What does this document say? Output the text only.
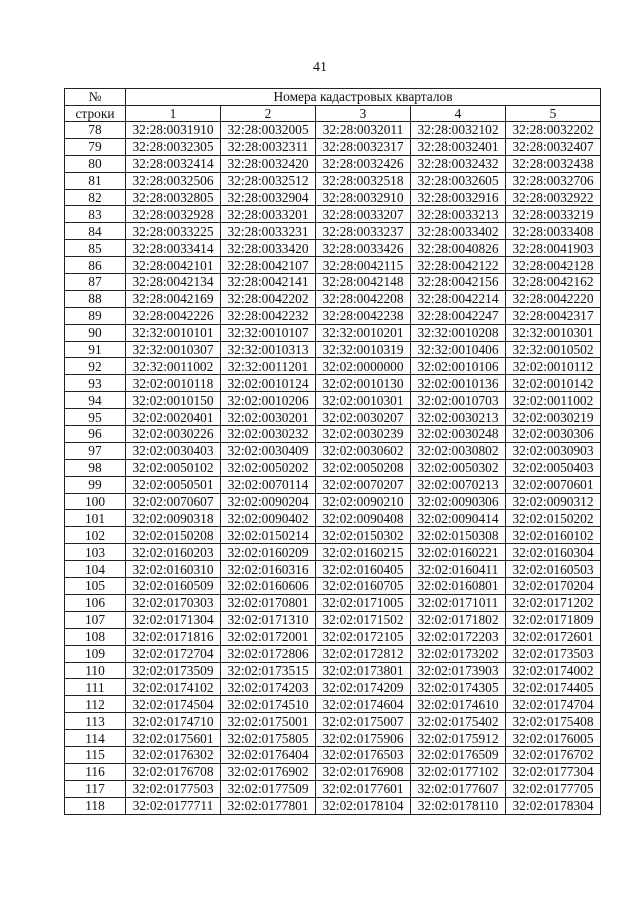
41
№	Номера кадастровых кварталов				
строки	1	2	3	4	5
78	32:28:0031910	32:28:0032005	32:28:0032011	32:28:0032102	32:28:0032202
79	32:28:0032305	32:28:0032311	32:28:0032317	32:28:0032401	32:28:0032407
80	32:28:0032414	32:28:0032420	32:28:0032426	32:28:0032432	32:28:0032438
81	32:28:0032506	32:28:0032512	32:28:0032518	32:28:0032605	32:28:0032706
82	32:28:0032805	32:28:0032904	32:28:0032910	32:28:0032916	32:28:0032922
83	32:28:0032928	32:28:0033201	32:28:0033207	32:28:0033213	32:28:0033219
84	32:28:0033225	32:28:0033231	32:28:0033237	32:28:0033402	32:28:0033408
85	32:28:0033414	32:28:0033420	32:28:0033426	32:28:0040826	32:28:0041903
86	32:28:0042101	32:28:0042107	32:28:0042115	32:28:0042122	32:28:0042128
87	32:28:0042134	32:28:0042141	32:28:0042148	32:28:0042156	32:28:0042162
88	32:28:0042169	32:28:0042202	32:28:0042208	32:28:0042214	32:28:0042220
89	32:28:0042226	32:28:0042232	32:28:0042238	32:28:0042247	32:28:0042317
90	32:32:0010101	32:32:0010107	32:32:0010201	32:32:0010208	32:32:0010301
91	32:32:0010307	32:32:0010313	32:32:0010319	32:32:0010406	32:32:0010502
92	32:32:0011002	32:32:0011201	32:02:0000000	32:02:0010106	32:02:0010112
93	32:02:0010118	32:02:0010124	32:02:0010130	32:02:0010136	32:02:0010142
94	32:02:0010150	32:02:0010206	32:02:0010301	32:02:0010703	32:02:0011002
95	32:02:0020401	32:02:0030201	32:02:0030207	32:02:0030213	32:02:0030219
96	32:02:0030226	32:02:0030232	32:02:0030239	32:02:0030248	32:02:0030306
97	32:02:0030403	32:02:0030409	32:02:0030602	32:02:0030802	32:02:0030903
98	32:02:0050102	32:02:0050202	32:02:0050208	32:02:0050302	32:02:0050403
99	32:02:0050501	32:02:0070114	32:02:0070207	32:02:0070213	32:02:0070601
100	32:02:0070607	32:02:0090204	32:02:0090210	32:02:0090306	32:02:0090312
101	32:02:0090318	32:02:0090402	32:02:0090408	32:02:0090414	32:02:0150202
102	32:02:0150208	32:02:0150214	32:02:0150302	32:02:0150308	32:02:0160102
103	32:02:0160203	32:02:0160209	32:02:0160215	32:02:0160221	32:02:0160304
104	32:02:0160310	32:02:0160316	32:02:0160405	32:02:0160411	32:02:0160503
105	32:02:0160509	32:02:0160606	32:02:0160705	32:02:0160801	32:02:0170204
106	32:02:0170303	32:02:0170801	32:02:0171005	32:02:0171011	32:02:0171202
107	32:02:0171304	32:02:0171310	32:02:0171502	32:02:0171802	32:02:0171809
108	32:02:0171816	32:02:0172001	32:02:0172105	32:02:0172203	32:02:0172601
109	32:02:0172704	32:02:0172806	32:02:0172812	32:02:0173202	32:02:0173503
110	32:02:0173509	32:02:0173515	32:02:0173801	32:02:0173903	32:02:0174002
111	32:02:0174102	32:02:0174203	32:02:0174209	32:02:0174305	32:02:0174405
112	32:02:0174504	32:02:0174510	32:02:0174604	32:02:0174610	32:02:0174704
113	32:02:0174710	32:02:0175001	32:02:0175007	32:02:0175402	32:02:0175408
114	32:02:0175601	32:02:0175805	32:02:0175906	32:02:0175912	32:02:0176005
115	32:02:0176302	32:02:0176404	32:02:0176503	32:02:0176509	32:02:0176702
116	32:02:0176708	32:02:0176902	32:02:0176908	32:02:0177102	32:02:0177304
117	32:02:0177503	32:02:0177509	32:02:0177601	32:02:0177607	32:02:0177705
118	32:02:0177711	32:02:0177801	32:02:0178104	32:02:0178110	32:02:0178304
